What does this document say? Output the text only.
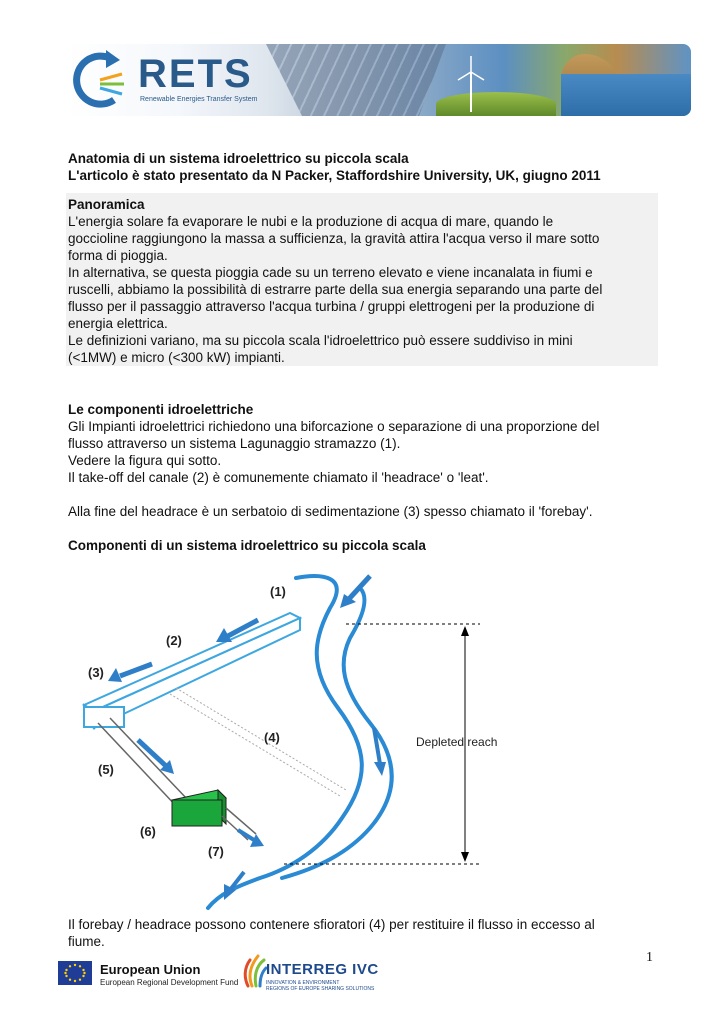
RETS
Renewable Energies Transfer System
Anatomia di un sistema idroelettrico su piccola scala
L'articolo è stato presentato da N Packer, Staffordshire University, UK, giugno 2011
Panoramica
L'energia solare fa evaporare le nubi e la produzione di acqua di mare, quando le
goccioline raggiungono la massa a sufficienza, la gravità attira l'acqua verso il mare sotto
forma di pioggia.
In alternativa, se questa pioggia cade su un terreno elevato e viene incanalata in fiumi e
ruscelli, abbiamo la possibilità di estrarre parte della sua energia separando una parte del
flusso per il passaggio attraverso l'acqua turbina / gruppi elettrogeni per la produzione di
energia elettrica.
Le definizioni variano, ma su piccola scala l'idroelettrico può essere suddiviso in mini
(<1MW) e micro (<300 kW) impianti.
Le componenti idroelettriche
Gli Impianti idroelettrici richiedono una biforcazione o separazione di una proporzione del
flusso attraverso un sistema Lagunaggio stramazzo (1).
Vedere la figura qui sotto.
Il take-off del canale (2) è comunemente chiamato il 'headrace' o 'leat'.
Alla fine del headrace è un serbatoio di sedimentazione (3) spesso chiamato il 'forebay'.
Componenti di un sistema idroelettrico su piccola scala
(1)
(2)
(3)
(4)
(5)
(6)
(7)
Depleted reach
Il forebay / headrace possono contenere sfioratori (4) per restituire il flusso in eccesso al
fiume.
1
European Union
European Regional Development Fund
INTERREG IVC
INNOVATION & ENVIRONMENT
REGIONS OF EUROPE SHARING SOLUTIONS
